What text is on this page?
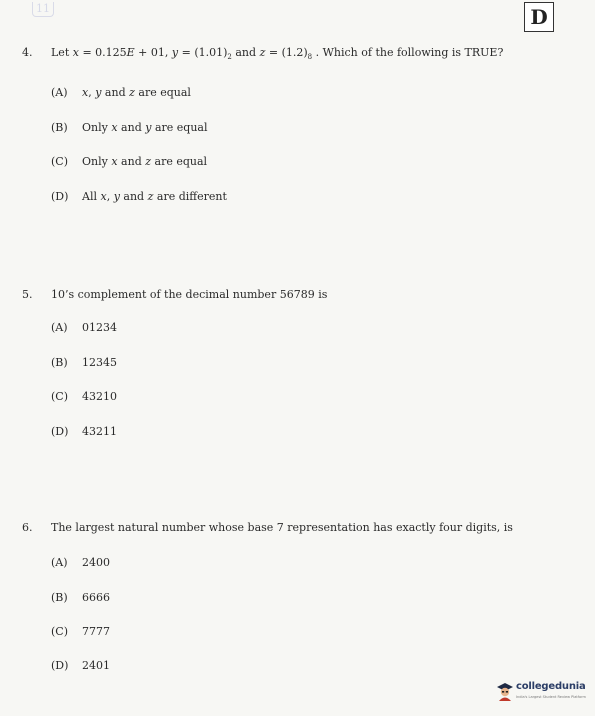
11	D
4. Let x = 0.125E + 01, $y = (1.01)_2$ and $z = (1.2)_8$ . Which of the following is TRUE?
(A) x, y and z are equal
(B) Only x and y are equal
(C) Only x and z are equal
(D) All x, y and z are different
5. 10’s complement of the decimal number 56789 is
(A) 01234
(B) 12345
(C) 43210
(D) 43211
6. The largest natural number whose base 7 representation has exactly four digits, is
(A) 2400
(B) 6666
(C) 7777
(D) 2401
collegedunia
India's Largest Student Review Platform
